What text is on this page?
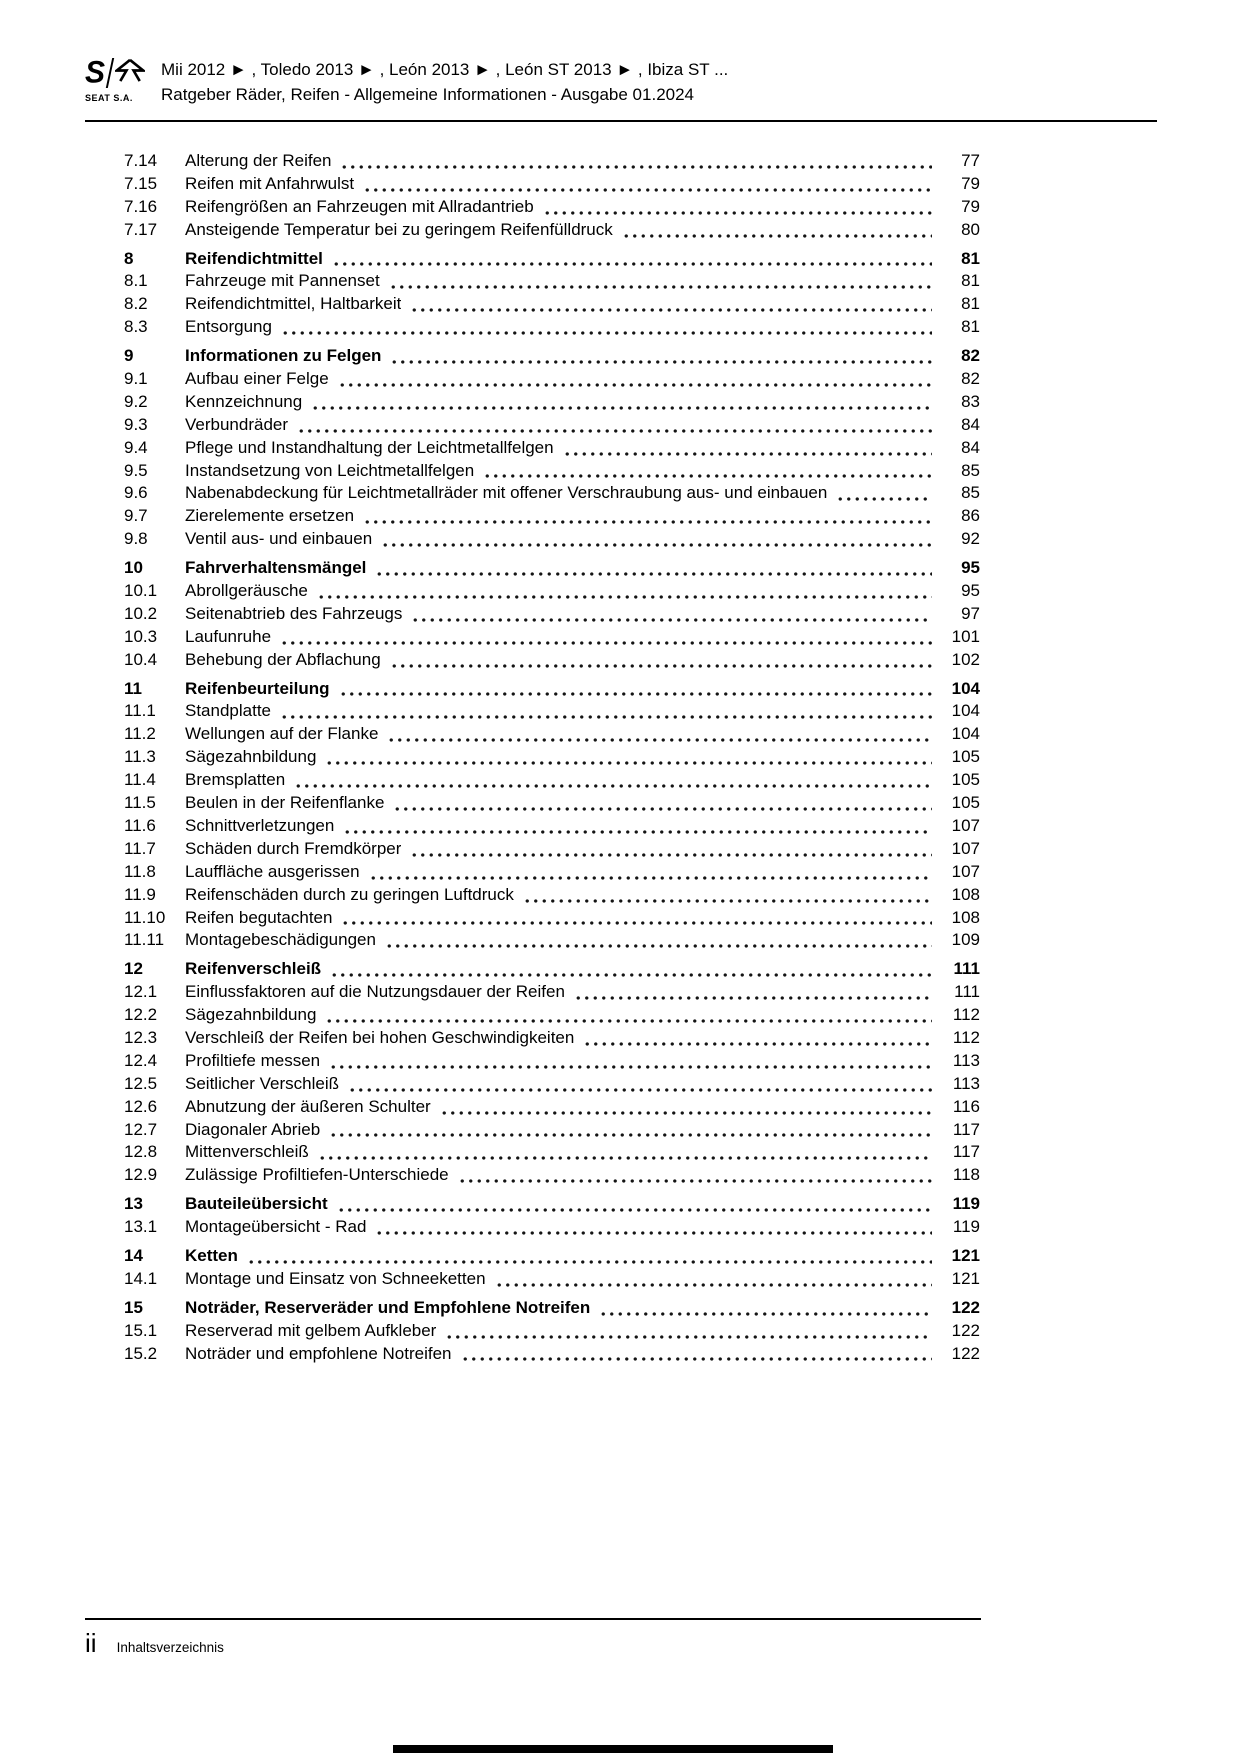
S
SEAT S.A.
Mii 2012 ► , Toledo 2013 ► , León 2013 ► , León ST 2013 ► , Ibiza ST ...
Ratgeber Räder, Reifen - Allgemeine Informationen - Ausgabe 01.2024
7.14	Alterung der Reifen	77
7.15	Reifen mit Anfahrwulst	79
7.16	Reifengrößen an Fahrzeugen mit Allradantrieb	79
7.17	Ansteigende Temperatur bei zu geringem Reifenfülldruck	80
8	Reifendichtmittel	81
8.1	Fahrzeuge mit Pannenset	81
8.2	Reifendichtmittel, Haltbarkeit	81
8.3	Entsorgung	81
9	Informationen zu Felgen	82
9.1	Aufbau einer Felge	82
9.2	Kennzeichnung	83
9.3	Verbundräder	84
9.4	Pflege und Instandhaltung der Leichtmetallfelgen	84
9.5	Instandsetzung von Leichtmetallfelgen	85
9.6	Nabenabdeckung für Leichtmetallräder mit offener Verschraubung aus- und einbauen	85
9.7	Zierelemente ersetzen	86
9.8	Ventil aus- und einbauen	92
10	Fahrverhaltensmängel	95
10.1	Abrollgeräusche	95
10.2	Seitenabtrieb des Fahrzeugs	97
10.3	Laufunruhe	101
10.4	Behebung der Abflachung	102
11	Reifenbeurteilung	104
11.1	Standplatte	104
11.2	Wellungen auf der Flanke	104
11.3	Sägezahnbildung	105
11.4	Bremsplatten	105
11.5	Beulen in der Reifenflanke	105
11.6	Schnittverletzungen	107
11.7	Schäden durch Fremdkörper	107
11.8	Lauffläche ausgerissen	107
11.9	Reifenschäden durch zu geringen Luftdruck	108
11.10	Reifen begutachten	108
11.11	Montagebeschädigungen	109
12	Reifenverschleiß	111
12.1	Einflussfaktoren auf die Nutzungsdauer der Reifen	111
12.2	Sägezahnbildung	112
12.3	Verschleiß der Reifen bei hohen Geschwindigkeiten	112
12.4	Profiltiefe messen	113
12.5	Seitlicher Verschleiß	113
12.6	Abnutzung der äußeren Schulter	116
12.7	Diagonaler Abrieb	117
12.8	Mittenverschleiß	117
12.9	Zulässige Profiltiefen-Unterschiede	118
13	Bauteileübersicht	119
13.1	Montageübersicht - Rad	119
14	Ketten	121
14.1	Montage und Einsatz von Schneeketten	121
15	Noträder, Reserveräder und Empfohlene Notreifen	122
15.1	Reserverad mit gelbem Aufkleber	122
15.2	Noträder und empfohlene Notreifen	122
ii Inhaltsverzeichnis
